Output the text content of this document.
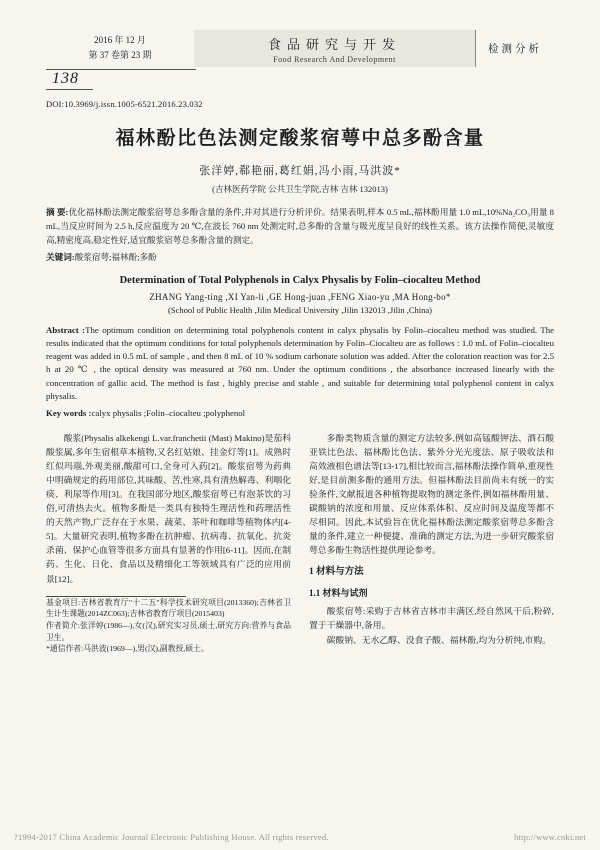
2016 年 12 月
第 37 卷第 23 期
食品研究与开发
Food Research And Development
检测分析
138
DOI:10.3969/j.issn.1005-6521.2016.23.032
福林酚比色法测定酸浆宿萼中总多酚含量
张洋婷,郗艳丽,葛红娟,冯小雨,马洪波*
(吉林医药学院 公共卫生学院,吉林 吉林 132013)
摘 要:优化福林酚法测定酸浆宿萼总多酚含量的条件,并对其进行分析评价。结果表明,样本 0.5 mL,福林酚用量 1.0 mL,10%Na₂CO₃用量 8 mL,当反应时间为 2.5 h,反应温度为 20 ℃,在波长 760 nm 处测定时,总多酚的含量与吸光度呈良好的线性关系。该方法操作简便,灵敏度高,精密度高,稳定性好,适宜酸浆宿萼总多酚含量的测定。
关键词:酸浆宿萼;福林酚;多酚
Determination of Total Polyphenols in Calyx Physalis by Folin–ciocalteu Method
ZHANG Yang-ting ,XI Yan-li ,GE Hong-juan ,FENG Xiao-yu ,MA Hong-bo*
(School of Public Health ,Jilin Medical University ,Jilin 132013 ,Jilin ,China)
Abstract :The optimum condition on determining total polyphenols content in calyx physalis by Folin–ciocalteu method was studied. The results indicated that the optimum conditions for total polyphenols determination by Folin–Ciocalteu are as follows : 1.0 mL of Folin–ciocalteu reagent was added in 0.5 mL of sample , and then 8 mL of 10 % sodium carbonate solution was added. After the coloration reaction was for 2.5 h at 20 ℃ , the optical density was measured at 760 nm. Under the optimum conditions , the absorbance increased linearly with the concentration of gallic acid. The method is fast , highly precise and stable , and suitable for determining total polyphenol content in calyx physalis.
Key words :calyx physalis ;Folin–ciocalteu ;polyphenol

酸浆(Physalis alkekengi L.var.franchetii (Mast) Makino)是茄科酸浆属,多年生宿根草本植物,又名红姑娘、挂金灯等[1]。成熟时红似玛瑙,外观美丽,酸甜可口,全身可入药[2]。酸浆宿萼为药典中明确规定的药用部位,其味酸、苦,性寒,具有清热解毒、利咽化痰、利尿等作用[3]。在我国部分地区,酸浆宿萼已有泡茶饮的习俗,可清热去火。植物多酚是一类具有独特生理活性和药理活性的天然产物,广泛存在于水果、蔬菜、茶叶和咖啡等植物体内[4-5]。大量研究表明,植物多酚在抗肿瘤、抗病毒、抗氧化、抗炎杀菌、保护心血管等很多方面具有显著的作用[6-11]。因而,在制药、生化、日化、食品以及精细化工等领域具有广泛的应用前景[12]。

基金项目:吉林省教育厅"十二五"科学技术研究项目(2013360);吉林省卫生计生课题(2014ZC063);吉林省教育厅项目(2015403)
作者简介:张洋婷(1986—),女(汉),研究实习员,硕士,研究方向:营养与食品卫生。
*通信作者:马洪波(1969—),男(汉),副教授,硕士。

多酚类物质含量的测定方法较多,例如高锰酸钾法、酒石酸亚铁比色法、福林酚比色法、紫外分光光度法、原子吸收法和高效液相色谱法等[13-17],相比较而言,福林酚法操作简单,重现性好,是目前测多酚的通用方法。但福林酚法目前尚未有统一的实验条件,文献报道各种植物提取物的测定条件,例如福林酚用量、碳酸钠的浓度和用量、反应体系体积、反应时间及温度等都不尽相同。因此,本试验旨在优化福林酚法测定酸浆宿萼总多酚含量的条件,建立一种便捷、准确的测定方法,为进一步研究酸浆宿萼总多酚生物活性提供理论参考。

1 材料与方法
1.1 材料与试剂

酸浆宿萼:采购于吉林省吉林市丰满区,经自然风干后,粉碎,置于干燥器中,备用。

碳酸钠、无水乙醇、没食子酸、福林酚,均为分析纯,市购。

?1994-2017 China Academic Journal Electronic Publishing House. All rights reserved.	http://www.cnki.net
